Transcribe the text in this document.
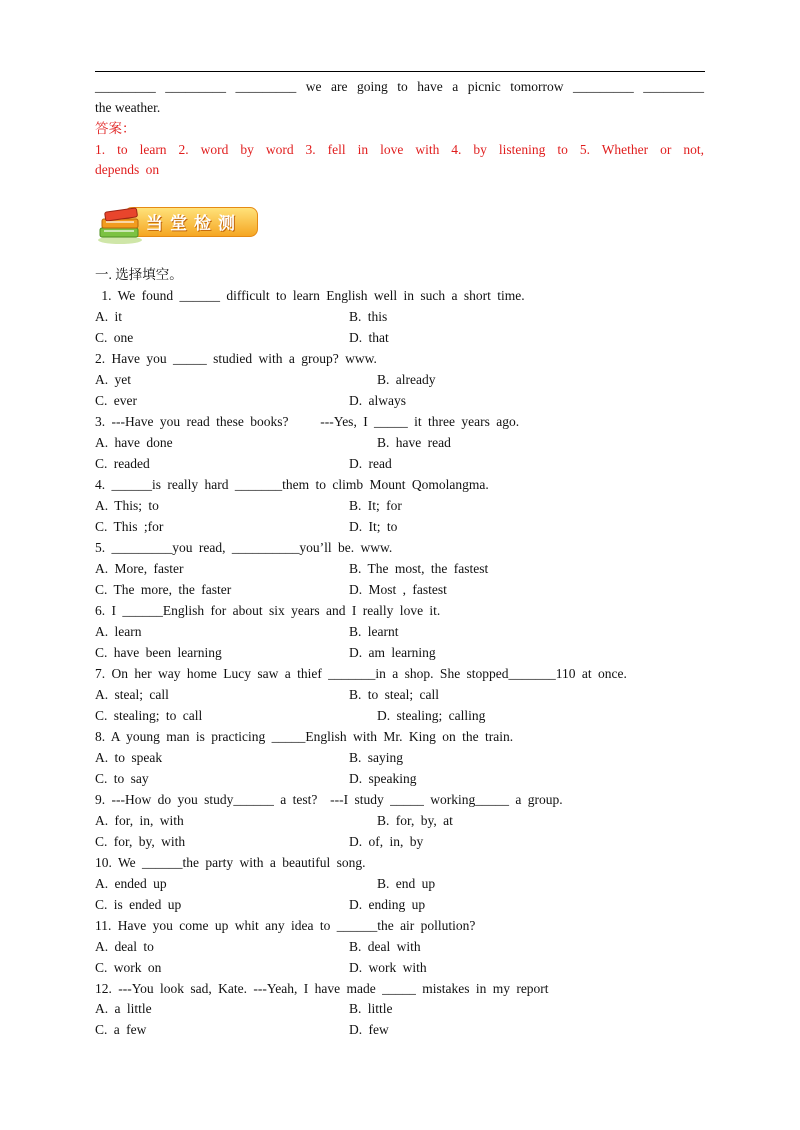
_________ _________ _________ we are going to have a picnic tomorrow _________ _________
the weather.
答案：
1. to learn 2. word by word 3. fell in love with 4. by listening to 5. Whether or not,
depends on
当堂检测
一. 选择填空。
1. We found ______ difficult to learn English well in such a short time.
A. it	B. this
C. one	D. that
2. Have you _____ studied with a group? www.
A. yet	B. already
C. ever	D. always
3. ---Have you read these books?     ---Yes, I _____ it three years ago.
A. have done	B. have read
C. readed	D. read
4. ______is really hard _______them to climb Mount Qomolangma.
A. This; to	B. It; for
C. This ;for	D. It; to
5. _________you read, __________you’ll be. www.
A. More, faster	B. The most, the fastest
C. The more, the faster	D. Most , fastest
6. I ______English for about six years and I really love it.
A. learn	B. learnt
C. have been learning	D. am learning
7. On her way home Lucy saw a thief _______in a shop. She stopped_______110 at once.
A. steal; call	B. to steal; call
C. stealing; to call	D. stealing; calling
8. A young man is practicing _____English with Mr. King on the train.
A. to speak	B. saying
C. to say	D. speaking
9. ---How do you study______ a test?  ---I study _____ working_____ a group.
A. for, in, with	B. for, by, at
C. for, by, with	D. of, in, by
10. We ______the party with a beautiful song.
A. ended up	B. end up
C. is ended up	D. ending up
11. Have you come up whit any idea to ______the air pollution?
A. deal to	B. deal with
C. work on	D. work with
12. ---You look sad, Kate. ---Yeah, I have made _____ mistakes in my report
A. a little	B. little
C. a few	D. few
